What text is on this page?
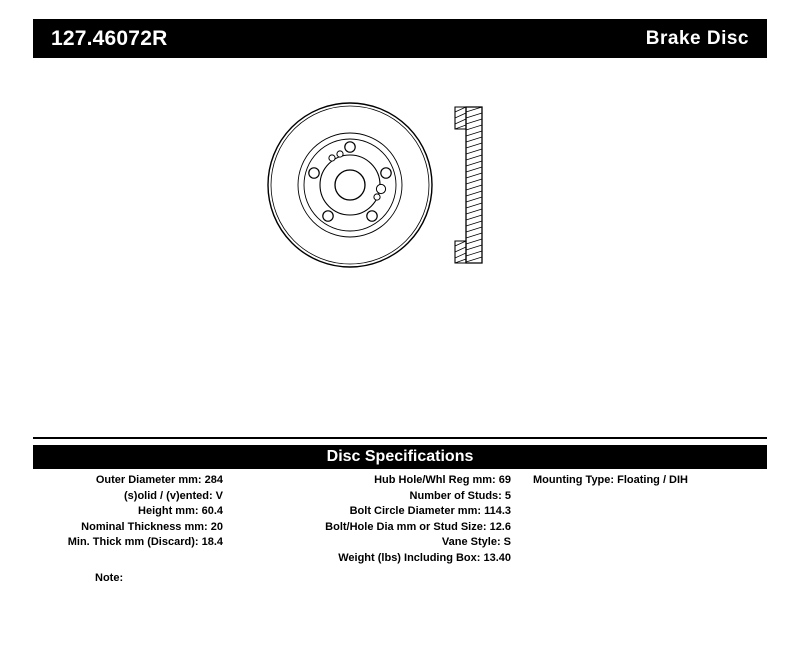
127.46072R	Brake Disc
Disc Specifications
Outer Diameter mm: 284
(s)olid / (v)ented: V
Height mm: 60.4
Nominal Thickness mm: 20
Min. Thick mm (Discard): 18.4
Hub Hole/Whl Reg mm: 69
Number of Studs: 5
Bolt Circle Diameter mm: 114.3
Bolt/Hole Dia mm or Stud Size: 12.6
Vane Style: S
Weight (lbs) Including Box: 13.40
Mounting Type: Floating / DIH
Note:
